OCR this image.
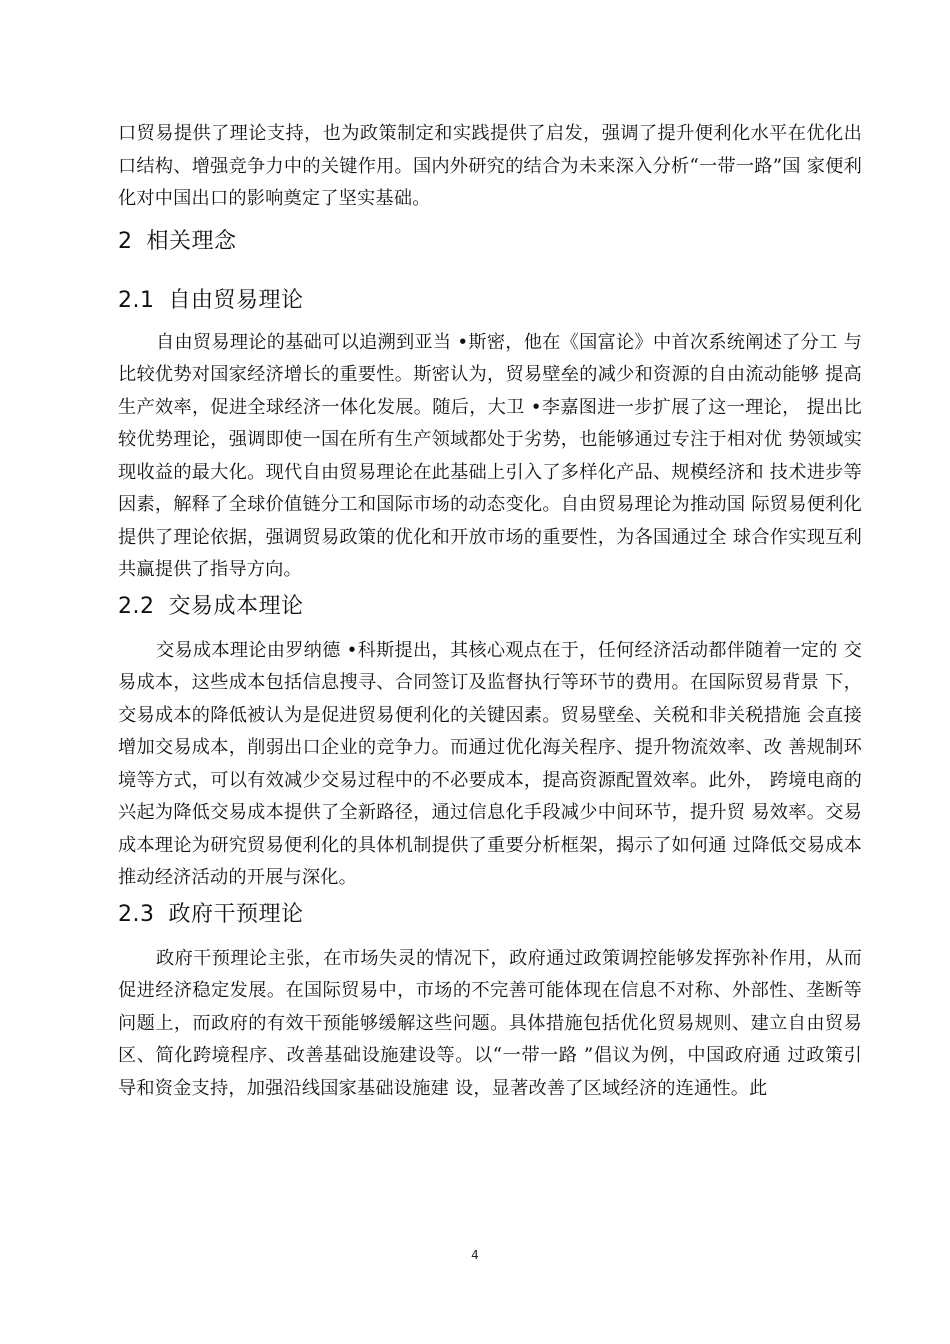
口贸易提供了理论支持，也为政策制定和实践提供了启发，强调了提升便利化水平在优化出口结构、增强竞争力中的关键作用。国内外研究的结合为未来深入分析“一带一路”国 家便利化对中国出口的影响奠定了坚实基础。

2 相关理念
2.1 自由贸易理论

自由贸易理论的基础可以追溯到亚当 •斯密，他在《国富论》中首次系统阐述了分工 与比较优势对国家经济增长的重要性。斯密认为，贸易壁垒的减少和资源的自由流动能够 提高生产效率，促进全球经济一体化发展。随后，大卫 •李嘉图进一步扩展了这一理论， 提出比较优势理论，强调即使一国在所有生产领域都处于劣势，也能够通过专注于相对优 势领域实现收益的最大化。现代自由贸易理论在此基础上引入了多样化产品、规模经济和 技术进步等因素，解释了全球价值链分工和国际市场的动态变化。自由贸易理论为推动国 际贸易便利化提供了理论依据，强调贸易政策的优化和开放市场的重要性，为各国通过全 球合作实现互利共赢提供了指导方向。

2.2 交易成本理论

交易成本理论由罗纳德 •科斯提出，其核心观点在于，任何经济活动都伴随着一定的 交易成本，这些成本包括信息搜寻、合同签订及监督执行等环节的费用。在国际贸易背景 下，交易成本的降低被认为是促进贸易便利化的关键因素。贸易壁垒、关税和非关税措施 会直接增加交易成本，削弱出口企业的竞争力。而通过优化海关程序、提升物流效率、改 善规制环境等方式，可以有效减少交易过程中的不必要成本，提高资源配置效率。此外， 跨境电商的兴起为降低交易成本提供了全新路径，通过信息化手段减少中间环节，提升贸 易效率。交易成本理论为研究贸易便利化的具体机制提供了重要分析框架，揭示了如何通 过降低交易成本推动经济活动的开展与深化。

2.3 政府干预理论

政府干预理论主张，在市场失灵的情况下，政府通过政策调控能够发挥弥补作用，从而促进经济稳定发展。在国际贸易中，市场的不完善可能体现在信息不对称、外部性、垄断等问题上，而政府的有效干预能够缓解这些问题。具体措施包括优化贸易规则、建立自由贸易区、简化跨境程序、改善基础设施建设等。以“一带一路 ”倡议为例，中国政府通 过政策引导和资金支持，加强沿线国家基础设施建 设，显著改善了区域经济的连通性。此

4
